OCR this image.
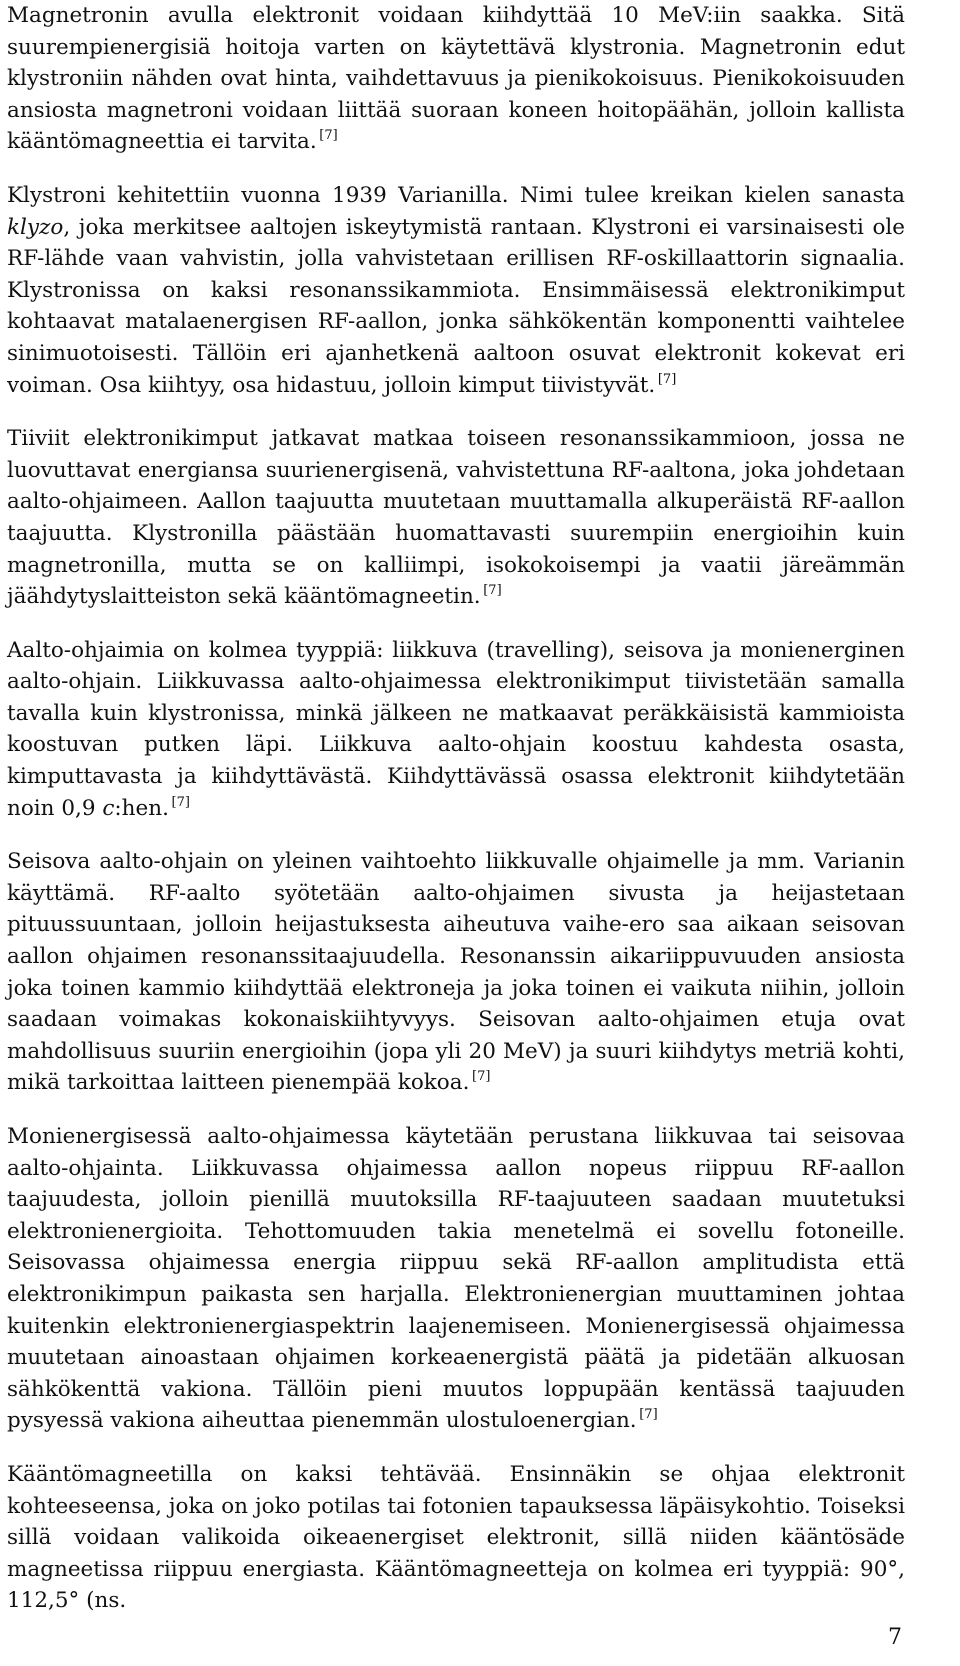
Magnetronin avulla elektronit voidaan kiihdyttää 10 MeV:iin saakka. Sitä suurempienergisiä hoitoja varten on käytettävä klystronia. Magnetronin edut klystroniin nähden ovat hinta, vaihdettavuus ja pienikokoisuus. Pienikokoisuuden ansiosta magnetroni voidaan liittää suoraan koneen hoitopäähän, jolloin kallista kääntömagneettia ei tarvita. [7]

Klystroni kehitettiin vuonna 1939 Varianilla. Nimi tulee kreikan kielen sanasta klyzo, joka merkitsee aaltojen iskeytymistä rantaan. Klystroni ei varsinaisesti ole RF-lähde vaan vahvistin, jolla vahvistetaan erillisen RF-oskillaattorin signaalia. Klystronissa on kaksi resonanssikammiota. Ensimmäisessä elektronikimput kohtaavat matalaenergisen RF-aallon, jonka sähkökentän komponentti vaihtelee sinimuotoisesti. Tällöin eri ajanhetkenä aaltoon osuvat elektronit kokevat eri voiman. Osa kiihtyy, osa hidastuu, jolloin kimput tiivistyvät. [7]

Tiiviit elektronikimput jatkavat matkaa toiseen resonanssikammioon, jossa ne luovuttavat energiansa suurienergisenä, vahvistettuna RF-aaltona, joka johdetaan aalto-ohjaimeen. Aallon taajuutta muutetaan muuttamalla alkuperäistä RF-aallon taajuutta. Klystronilla päästään huomattavasti suurempiin energioihin kuin magnetronilla, mutta se on kalliimpi, isokokoisempi ja vaatii järeämmän jäähdytyslaitteiston sekä kääntömagneetin. [7]

Aalto-ohjaimia on kolmea tyyppiä: liikkuva (travelling), seisova ja monienerginen aalto-ohjain. Liikkuvassa aalto-ohjaimessa elektronikimput tiivistetään samalla tavalla kuin klystronissa, minkä jälkeen ne matkaavat peräkkäisistä kammioista koostuvan putken läpi. Liikkuva aalto-ohjain koostuu kahdesta osasta, kimputtavasta ja kiihdyttävästä. Kiihdyttävässä osassa elektronit kiihdytetään noin 0,9 c:hen. [7]

Seisova aalto-ohjain on yleinen vaihtoehto liikkuvalle ohjaimelle ja mm. Varianin käyttämä. RF-aalto syötetään aalto-ohjaimen sivusta ja heijastetaan pituussuuntaan, jolloin heijastuksesta aiheutuva vaihe-ero saa aikaan seisovan aallon ohjaimen resonanssitaajuudella. Resonanssin aikariippuvuuden ansiosta joka toinen kammio kiihdyttää elektroneja ja joka toinen ei vaikuta niihin, jolloin saadaan voimakas kokonaiskiihtyvyys. Seisovan aalto-ohjaimen etuja ovat mahdollisuus suuriin energioihin (jopa yli 20 MeV) ja suuri kiihdytys metriä kohti, mikä tarkoittaa laitteen pienempää kokoa. [7]

Monienergisessä aalto-ohjaimessa käytetään perustana liikkuvaa tai seisovaa aalto-ohjainta. Liikkuvassa ohjaimessa aallon nopeus riippuu RF-aallon taajuudesta, jolloin pienillä muutoksilla RF-taajuuteen saadaan muutetuksi elektronienergioita. Tehottomuuden takia menetelmä ei sovellu fotoneille. Seisovassa ohjaimessa energia riippuu sekä RF-aallon amplitudista että elektronikimpun paikasta sen harjalla. Elektronienergian muuttaminen johtaa kuitenkin elektronienergiaspektrin laajenemiseen. Monienergisessä ohjaimessa muutetaan ainoastaan ohjaimen korkeaenergistä päätä ja pidetään alkuosan sähkökenttä vakiona. Tällöin pieni muutos loppupään kentässä taajuuden pysyessä vakiona aiheuttaa pienemmän ulostuloenergian. [7]

Kääntömagneetilla on kaksi tehtävää. Ensinnäkin se ohjaa elektronit kohteeseensa, joka on joko potilas tai fotonien tapauksessa läpäisykohtio. Toiseksi sillä voidaan valikoida oikeaenergiset elektronit, sillä niiden kääntösäde magneetissa riippuu energiasta. Kääntömagneetteja on kolmea eri tyyppiä: 90°, 112,5° (ns.

7
